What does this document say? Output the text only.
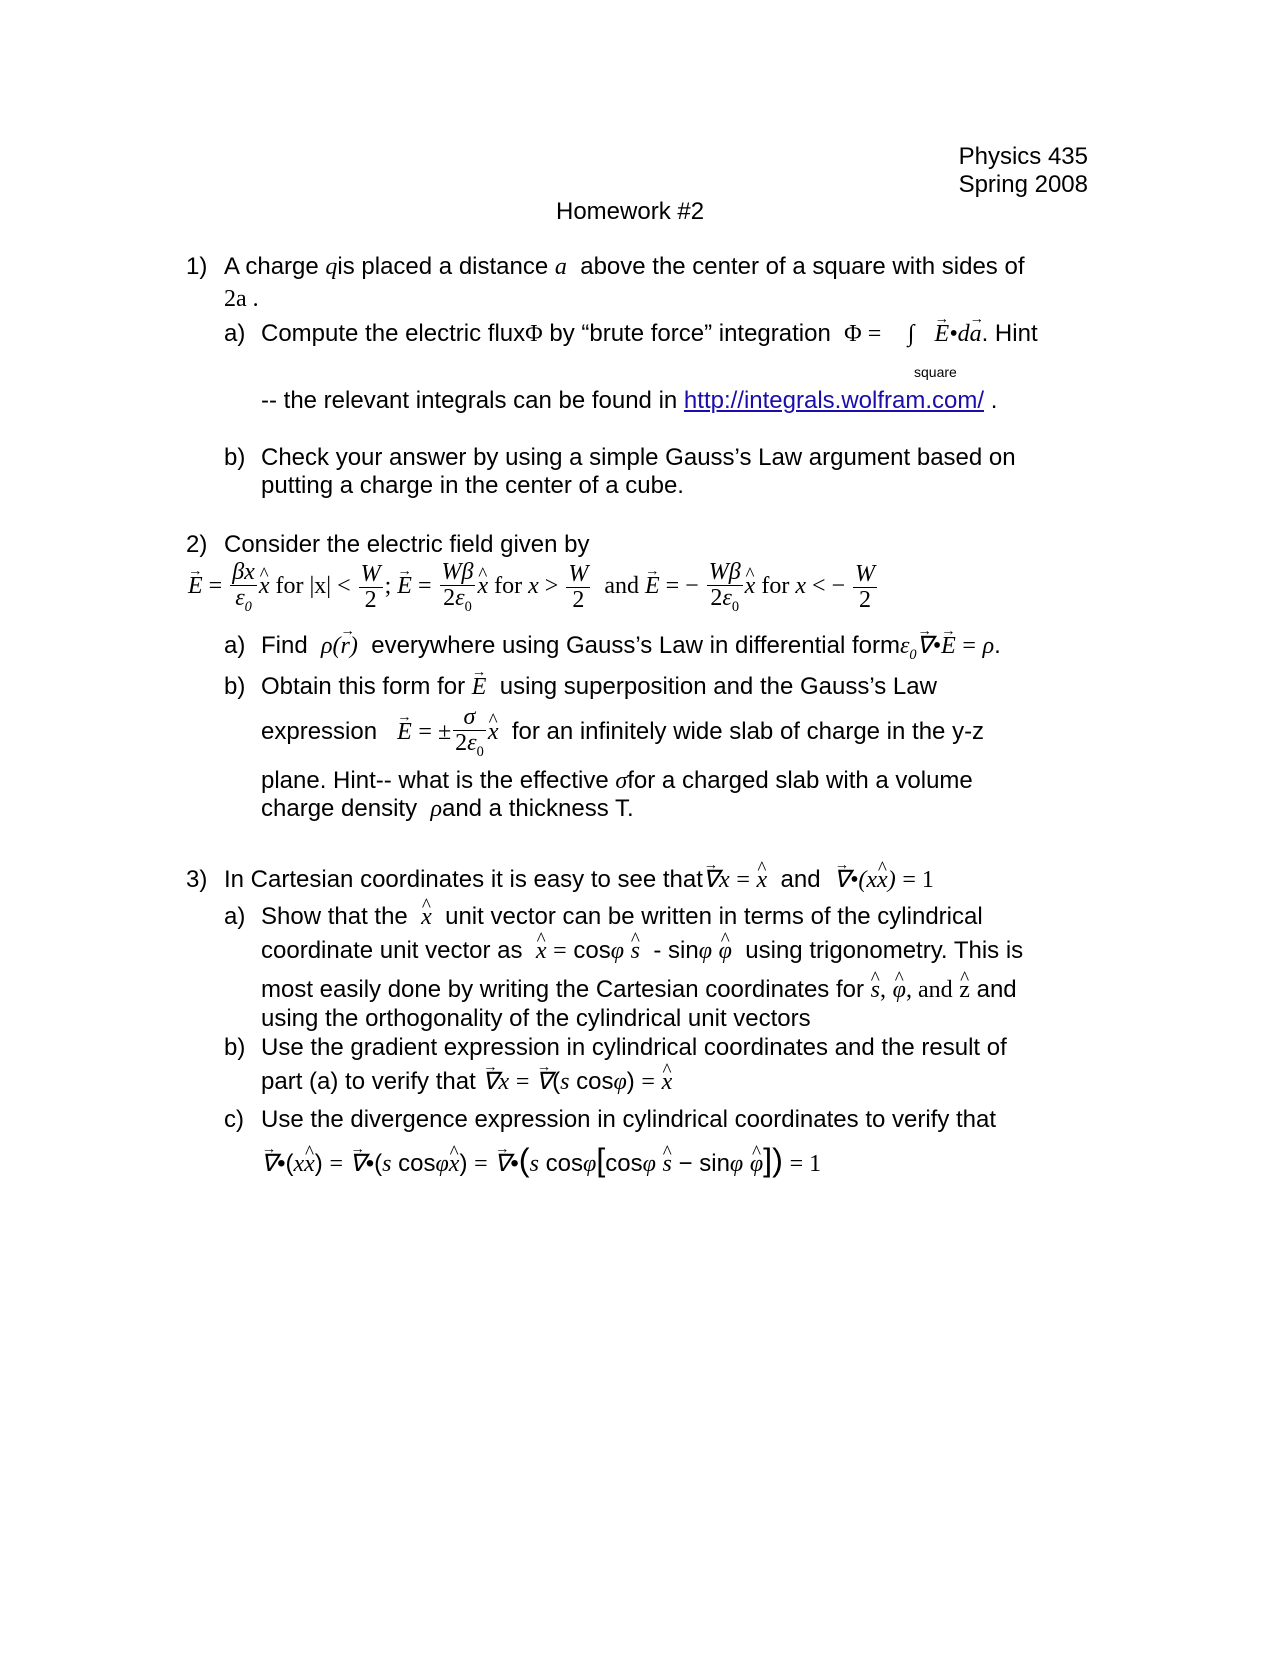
Physics 435
Spring 2008
Homework #2
1) A charge qis placed a distance a above the center of a square with sides of
2a .
a) Compute the electric fluxΦ by “brute force” integration Φ = ∫ → E•d→ a. Hint
square
-- the relevant integrals can be found in http://integrals.wolfram.com/ .
b) Check your answer by using a simple Gauss’s Law argument based on
putting a charge in the center of a cube.
2) Consider the electric field given by
→ $E = \frac{\beta x}{\varepsilon_0}$ ^ x for $|x| < \frac{W}{2}$ ; → $E = \frac{W\beta}{2\varepsilon_0}$ ^ x for $x > \frac{W}{2}$ and → E = − $\frac{W\beta}{2\varepsilon_0}$ ^ x for x < − $\frac{W}{2}$
a) Find ρ(→ r) everywhere using Gauss’s Law in differential formε$_0$→ ∇•→ E = ρ.
b) Obtain this form for → E using superposition and the Gauss’s Law
expression → E = ± $\frac{\sigma}{2\varepsilon_0}$ ^ x for an infinitely wide slab of charge in the y-z
plane. Hint-- what is the effective σfor a charged slab with a volume
charge density ρand a thickness T.
3) In Cartesian coordinates it is easy to see that→ ∇x = ^ x and → ∇•(x^ x) = 1
a) Show that the ^ x unit vector can be written in terms of the cylindrical
coordinate unit vector as ^ x = cosφ ^ s  - sinφ ^ φ using trigonometry. This is
most easily done by writing the Cartesian coordinates for ^ s, ^ φ, and ^ z and
using the orthogonality of the cylindrical unit vectors
b) Use the gradient expression in cylindrical coordinates and the result of
part (a) to verify that → ∇x = → ∇(s cosφ) = ^ x
c) Use the divergence expression in cylindrical coordinates to verify that
→ ∇•(x^ x) = → ∇•(s cosφ^ x) = → ∇•(s cosφ[cosφ ^ s − sinφ ^ φ]) = 1
